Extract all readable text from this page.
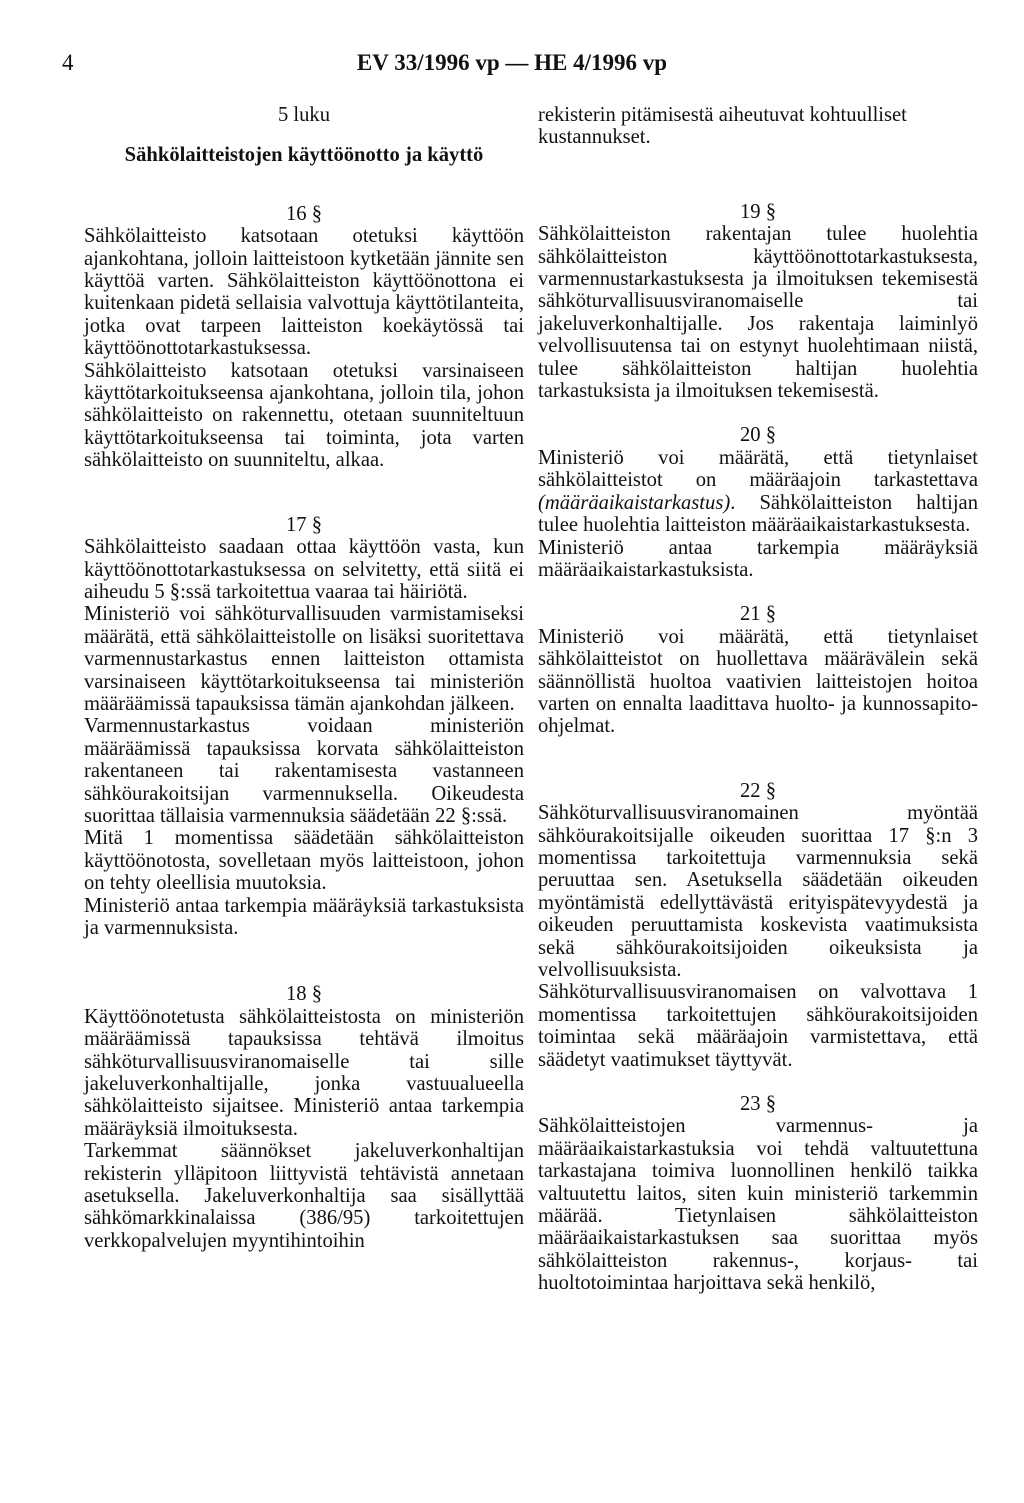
4	EV 33/1996 vp — HE 4/1996 vp
5 luku
Sähkölaitteistojen käyttöönotto ja käyttö
16 §

Sähkölaitteisto katsotaan otetuksi käyttöön ajankohtana, jolloin laitteistoon kytketään jännite sen käyttöä varten. Sähkölaitteiston käyttöönottona ei kuitenkaan pidetä sellaisia valvottuja käyttötilanteita, jotka ovat tarpeen laitteiston koekäytössä tai käyttöönottotarkastuksessa.

Sähkölaitteisto katsotaan otetuksi varsinaiseen käyttötarkoitukseensa ajankohtana, jolloin tila, johon sähkölaitteisto on rakennettu, otetaan suunniteltuun käyttötarkoitukseensa tai toiminta, jota varten sähkölaitteisto on suunniteltu, alkaa.

17 §

Sähkölaitteisto saadaan ottaa käyttöön vasta, kun käyttöönottotarkastuksessa on selvitetty, että siitä ei aiheudu 5 §:ssä tarkoitettua vaaraa tai häiriötä.

Ministeriö voi sähköturvallisuuden varmistamiseksi määrätä, että sähkölaitteistolle on lisäksi suoritettava varmennustarkastus ennen laitteiston ottamista varsinaiseen käyttötarkoitukseensa tai ministeriön määräämissä tapauksissa tämän ajankohdan jälkeen.

Varmennustarkastus voidaan ministeriön määräämissä tapauksissa korvata sähkölaitteiston rakentaneen tai rakentamisesta vastanneen sähköurakoitsijan varmennuksella. Oikeudesta suorittaa tällaisia varmennuksia säädetään 22 §:ssä.

Mitä 1 momentissa säädetään sähkölaitteiston käyttöönotosta, sovelletaan myös laitteistoon, johon on tehty oleellisia muutoksia.

Ministeriö antaa tarkempia määräyksiä tarkastuksista ja varmennuksista.

18 §

Käyttöönotetusta sähkölaitteistosta on ministeriön määräämissä tapauksissa tehtävä ilmoitus sähköturvallisuusviranomaiselle tai sille jakeluverkonhaltijalle, jonka vastuualueella sähkölaitteisto sijaitsee. Ministeriö antaa tarkempia määräyksiä ilmoituksesta.

Tarkemmat säännökset jakeluverkonhaltijan rekisterin ylläpitoon liittyvistä tehtävistä annetaan asetuksella. Jakeluverkonhaltija saa sisällyttää sähkömarkkinalaissa (386/95) tarkoitettujen verkkopalvelujen myyntihintoihin

rekisterin pitämisestä aiheutuvat kohtuulliset kustannukset.

19 §

Sähkölaitteiston rakentajan tulee huolehtia sähkölaitteiston käyttöönottotarkastuksesta, varmennustarkastuksesta ja ilmoituksen tekemisestä sähköturvallisuusviranomaiselle tai jakeluverkonhaltijalle. Jos rakentaja laiminlyö velvollisuutensa tai on estynyt huolehtimaan niistä, tulee sähkölaitteiston haltijan huolehtia tarkastuksista ja ilmoituksen tekemisestä.

20 §

Ministeriö voi määrätä, että tietynlaiset sähkölaitteistot on määräajoin tarkastettava (määräaikaistarkastus). Sähkölaitteiston haltijan tulee huolehtia laitteiston määräaikaistarkastuksesta.

Ministeriö antaa tarkempia määräyksiä määräaikaistarkastuksista.

21 §

Ministeriö voi määrätä, että tietynlaiset sähkölaitteistot on huollettava määrävälein sekä säännöllistä huoltoa vaativien laitteistojen hoitoa varten on ennalta laadittava huolto- ja kunnossapito-ohjelmat.

22 §

Sähköturvallisuusviranomainen myöntää sähköurakoitsijalle oikeuden suorittaa 17 §:n 3 momentissa tarkoitettuja varmennuksia sekä peruuttaa sen. Asetuksella säädetään oikeuden myöntämistä edellyttävästä erityispätevyydestä ja oikeuden peruuttamista koskevista vaatimuksista sekä sähköurakoitsijoiden oikeuksista ja velvollisuuksista.

Sähköturvallisuusviranomaisen on valvottava 1 momentissa tarkoitettujen sähköurakoitsijoiden toimintaa sekä määräajoin varmistettava, että säädetyt vaatimukset täyttyvät.

23 §

Sähkölaitteistojen varmennus- ja määräaikaistarkastuksia voi tehdä valtuutettuna tarkastajana toimiva luonnollinen henkilö taikka valtuutettu laitos, siten kuin ministeriö tarkemmin määrää. Tietynlaisen sähkölaitteiston määräaikaistarkastuksen saa suorittaa myös sähkölaitteiston rakennus-, korjaus- tai huoltotoimintaa harjoittava sekä henkilö,
